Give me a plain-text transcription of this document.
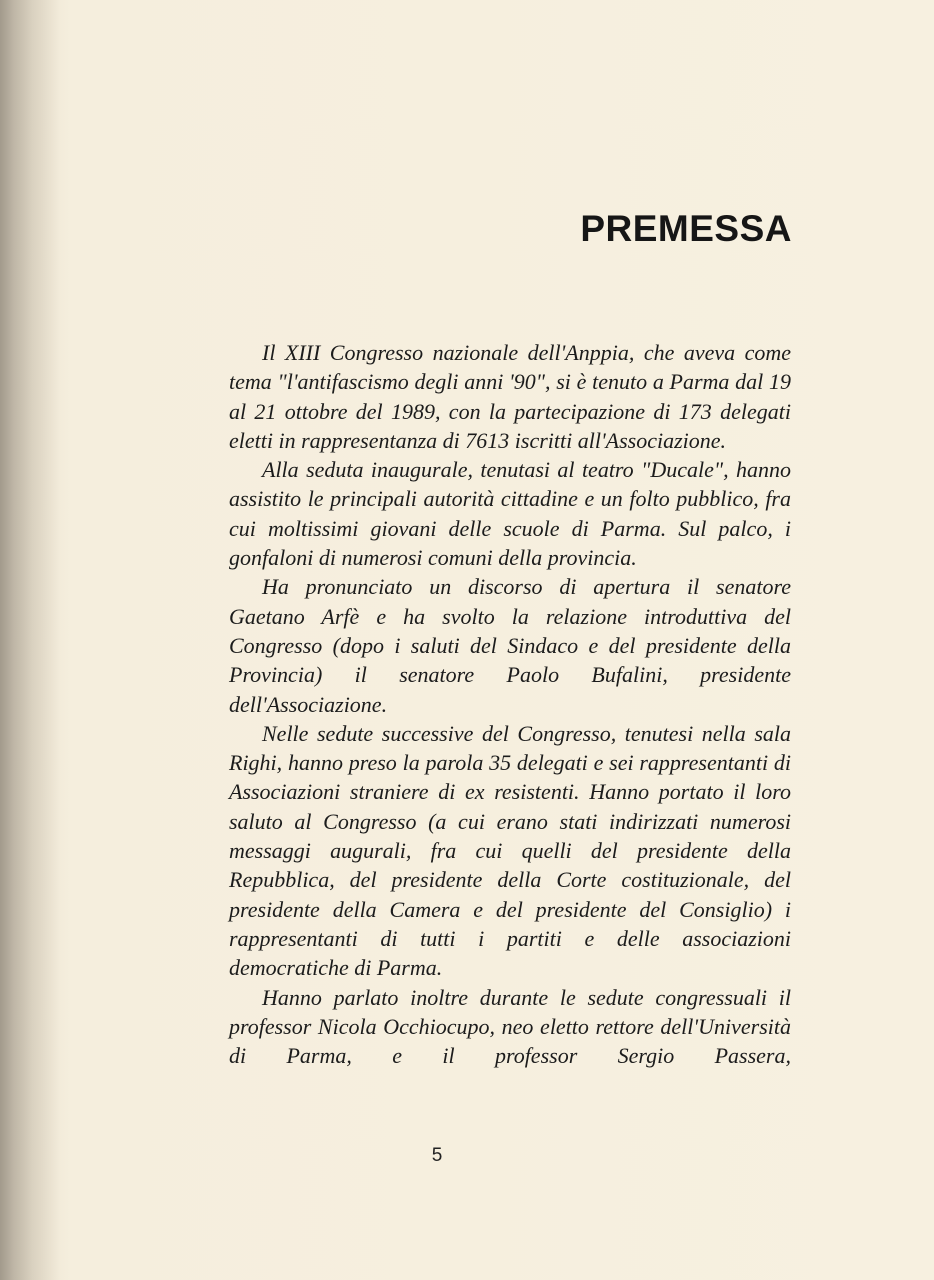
PREMESSA

Il XIII Congresso nazionale dell'Anppia, che aveva come tema "l'antifascismo degli anni '90", si è tenuto a Parma dal 19 al 21 ottobre del 1989, con la partecipazione di 173 delegati eletti in rappresentanza di 7613 iscritti all'Associazione.

Alla seduta inaugurale, tenutasi al teatro "Ducale", hanno assistito le principali autorità cittadine e un folto pubblico, fra cui moltissimi giovani delle scuole di Parma. Sul palco, i gonfaloni di numerosi comuni della provincia.

Ha pronunciato un discorso di apertura il senatore Gaetano Arfè e ha svolto la relazione introduttiva del Congresso (dopo i saluti del Sindaco e del presidente della Provincia) il senatore Paolo Bufalini, presidente dell'Associazione.

Nelle sedute successive del Congresso, tenutesi nella sala Righi, hanno preso la parola 35 delegati e sei rappresentanti di Associazioni straniere di ex resistenti. Hanno portato il loro saluto al Congresso (a cui erano stati indirizzati numerosi messaggi augurali, fra cui quelli del presidente della Repubblica, del presidente della Corte costituzionale, del presidente della Camera e del presidente del Consiglio) i rappresentanti di tutti i partiti e delle associazioni democratiche di Parma.

Hanno parlato inoltre durante le sedute congressuali il professor Nicola Occhiocupo, neo eletto rettore dell'Università di Parma, e il professor Sergio Passera,

5
